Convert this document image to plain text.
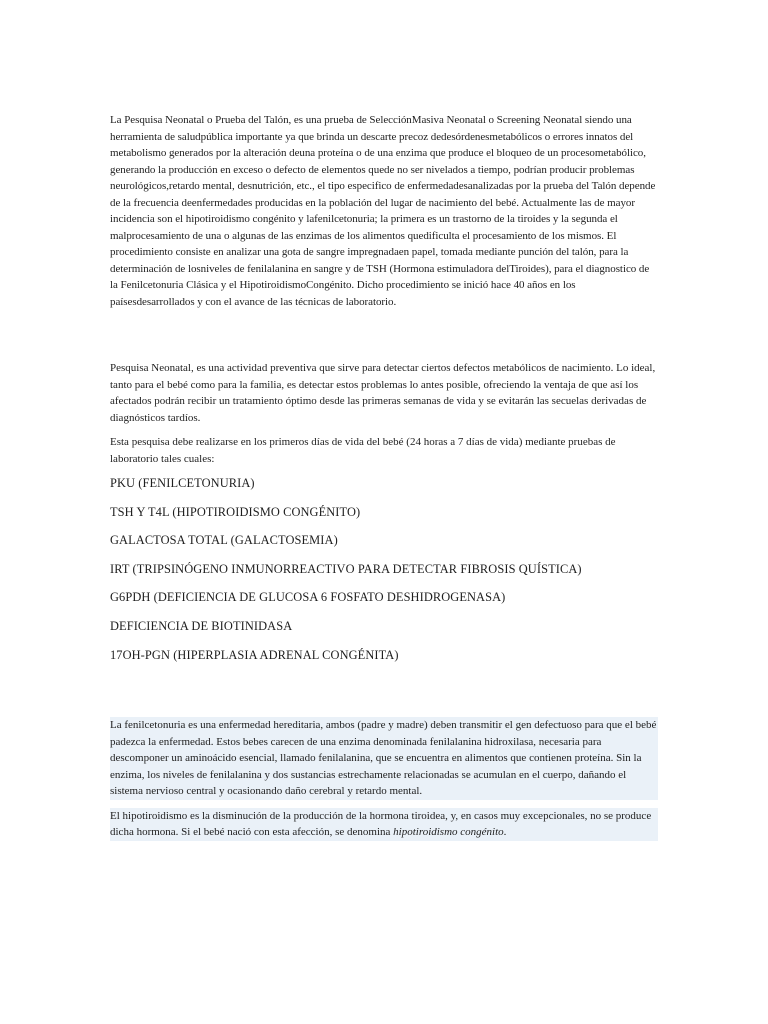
La Pesquisa Neonatal o Prueba del Talón, es una prueba de SelecciónMasiva Neonatal o Screening Neonatal siendo una herramienta de saludpública importante ya que brinda un descarte precoz dedesórdenesmetabólicos o errores innatos del metabolismo generados por la alteración deuna proteína o de una enzima que produce el bloqueo de un procesometabólico, generando la producción en exceso o defecto de elementos quede no ser nivelados a tiempo, podrían producir problemas neurológicos,retardo mental, desnutrición, etc., el tipo especifico de enfermedadesanalizadas por la prueba del Talón depende de la frecuencia deenfermedades producidas en la población del lugar de nacimiento del bebé. Actualmente las de mayor incidencia son el hipotiroidismo congénito y lafenilcetonuria; la primera es un trastorno de la tiroides y la segunda el malprocesamiento de una o algunas de las enzimas de los alimentos quedificulta el procesamiento de los mismos. El procedimiento consiste en analizar una gota de sangre impregnadaen papel, tomada mediante punción del talón, para la determinación de losniveles de fenilalanina en sangre y de TSH (Hormona estimuladora delTiroides), para el diagnostico de la Fenilcetonuria Clásica y el HipotiroidismoCongénito. Dicho procedimiento se inició hace 40 años en los paísesdesarrollados y con el avance de las técnicas de laboratorio.

Pesquisa Neonatal, es una actividad preventiva que sirve para detectar ciertos defectos metabólicos de nacimiento. Lo ideal, tanto para el bebé como para la familia, es detectar estos problemas lo antes posible, ofreciendo la ventaja de que así los afectados podrán recibir un tratamiento óptimo desde las primeras semanas de vida y se evitarán las secuelas derivadas de diagnósticos tardíos.

Esta pesquisa debe realizarse en los primeros días de vida del bebé (24 horas a 7 días de vida) mediante pruebas de laboratorio tales cuales:

PKU (FENILCETONURIA)
TSH Y T4L (HIPOTIROIDISMO CONGÉNITO)
GALACTOSA TOTAL (GALACTOSEMIA)
IRT (TRIPSINÓGENO INMUNORREACTIVO PARA DETECTAR FIBROSIS QUÍSTICA)
G6PDH (DEFICIENCIA DE GLUCOSA 6 FOSFATO DESHIDROGENASA)
DEFICIENCIA DE BIOTINIDASA
17OH-PGN (HIPERPLASIA ADRENAL CONGÉNITA)

La fenilcetonuria es una enfermedad hereditaria, ambos (padre y madre) deben transmitir el gen defectuoso para que el bebé padezca la enfermedad. Estos bebes carecen de una enzima denominada fenilalanina hidroxilasa, necesaria para descomponer un aminoácido esencial, llamado fenilalanina, que se encuentra en alimentos que contienen proteína. Sin la enzima, los niveles de fenilalanina y dos sustancias estrechamente relacionadas se acumulan en el cuerpo, dañando el sistema nervioso central y ocasionando daño cerebral y retardo mental.

El hipotiroidismo es la disminución de la producción de la hormona tiroidea, y, en casos muy excepcionales, no se produce dicha hormona. Si el bebé nació con esta afección, se denomina hipotiroidismo congénito.
